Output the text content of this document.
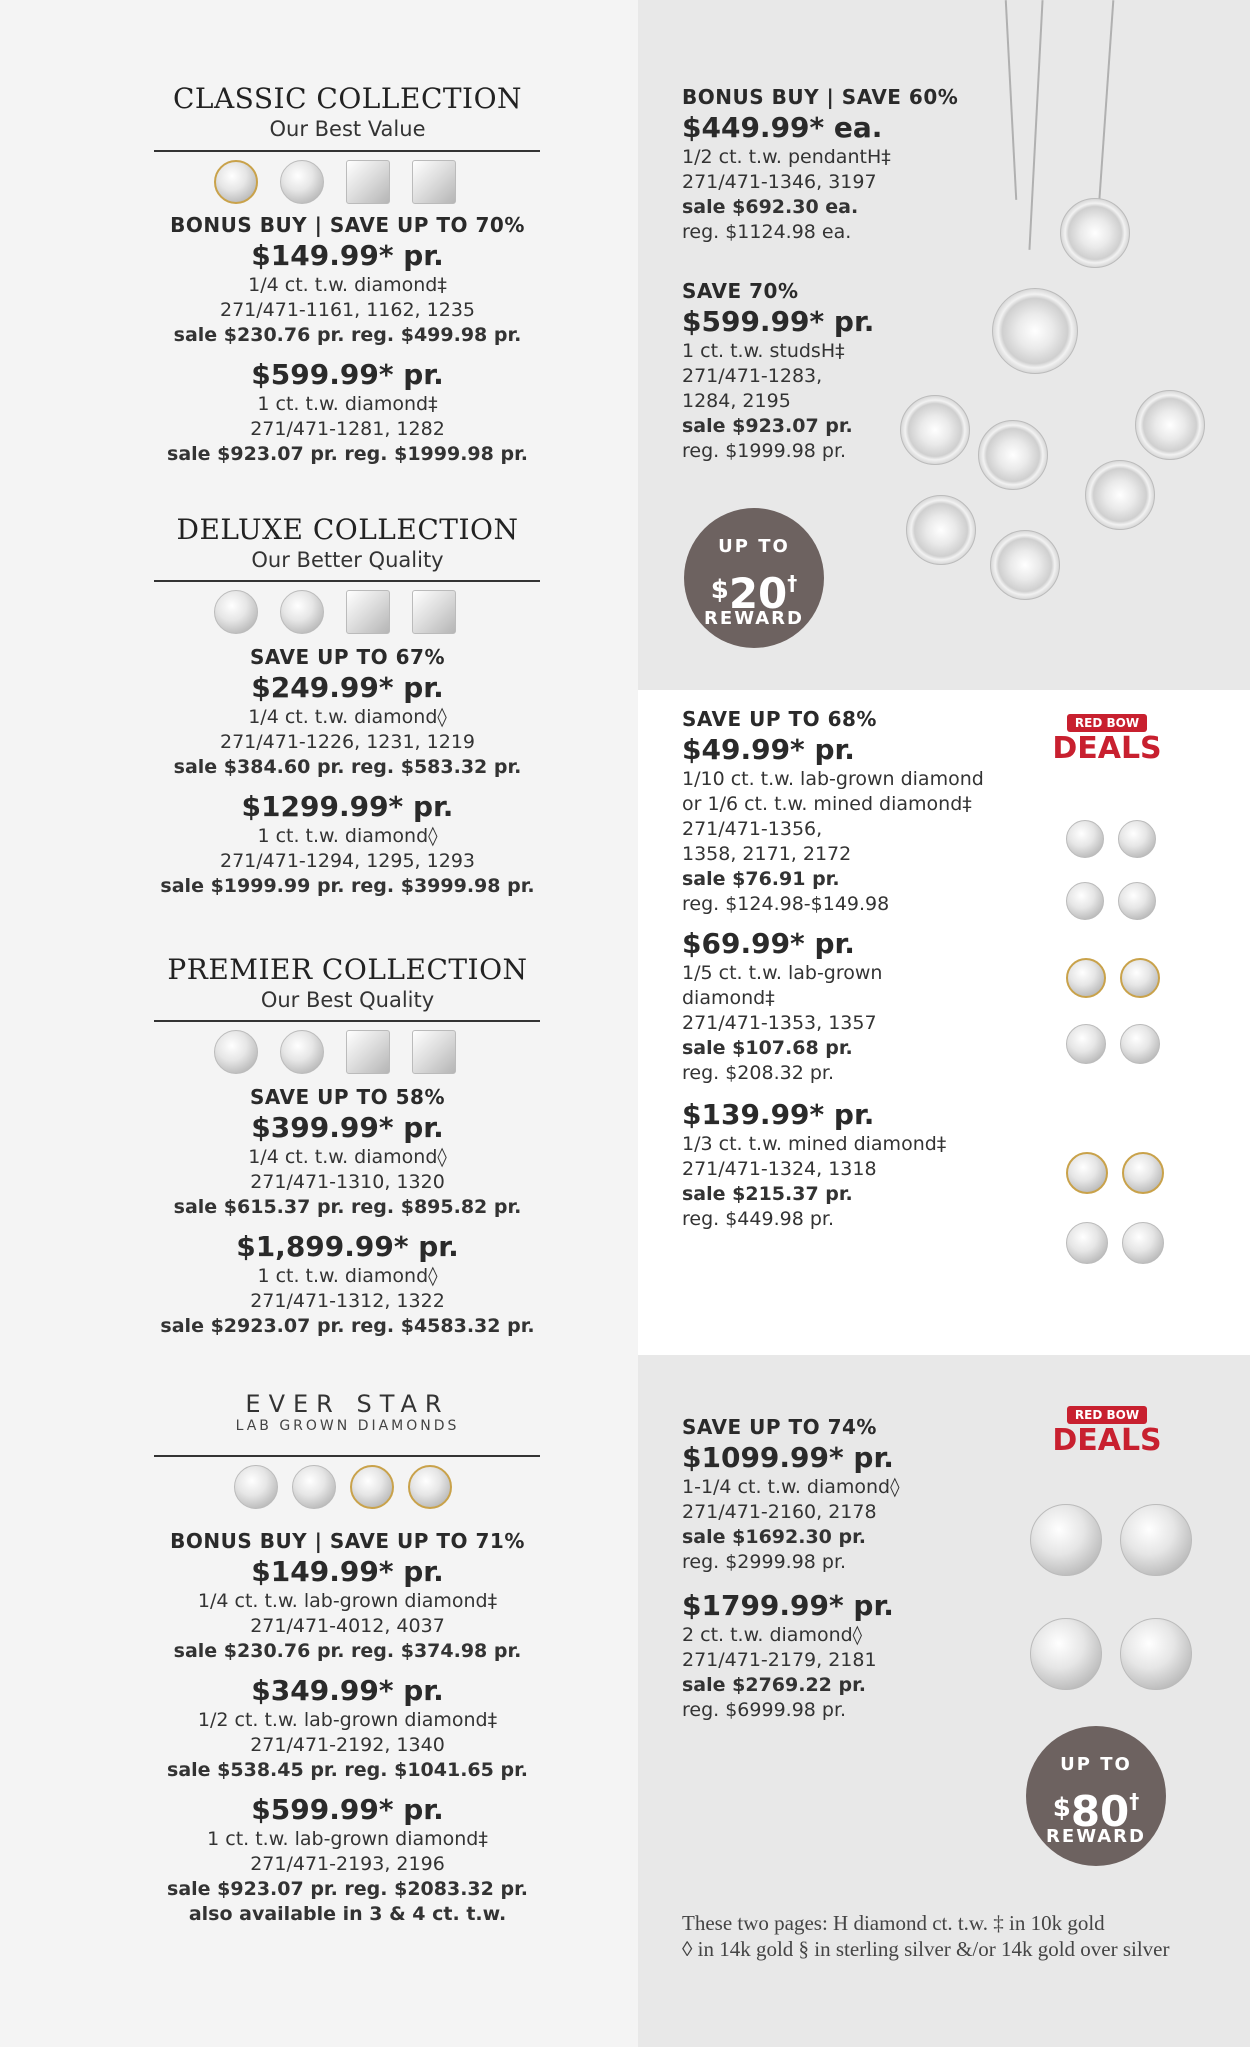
CLASSIC COLLECTION
Our Best Value
BONUS BUY | SAVE UP TO 70%
$149.99* pr.
1/4 ct. t.w. diamond‡
271/471-1161, 1162, 1235
sale $230.76 pr. reg. $499.98 pr.
$599.99* pr.
1 ct. t.w. diamond‡
271/471-1281, 1282
sale $923.07 pr. reg. $1999.98 pr.
DELUXE COLLECTION
Our Better Quality
SAVE UP TO 67%
$249.99* pr.
1/4 ct. t.w. diamond◊
271/471-1226, 1231, 1219
sale $384.60 pr. reg. $583.32 pr.
$1299.99* pr.
1 ct. t.w. diamond◊
271/471-1294, 1295, 1293
sale $1999.99 pr. reg. $3999.98 pr.
PREMIER COLLECTION
Our Best Quality
SAVE UP TO 58%
$399.99* pr.
1/4 ct. t.w. diamond◊
271/471-1310, 1320
sale $615.37 pr. reg. $895.82 pr.
$1,899.99* pr.
1 ct. t.w. diamond◊
271/471-1312, 1322
sale $2923.07 pr. reg. $4583.32 pr.
EVER STAR
LAB GROWN DIAMONDS
BONUS BUY | SAVE UP TO 71%
$149.99* pr.
1/4 ct. t.w. lab-grown diamond‡
271/471-4012, 4037
sale $230.76 pr. reg. $374.98 pr.
$349.99* pr.
1/2 ct. t.w. lab-grown diamond‡
271/471-2192, 1340
sale $538.45 pr. reg. $1041.65 pr.
$599.99* pr.
1 ct. t.w. lab-grown diamond‡
271/471-2193, 2196
sale $923.07 pr. reg. $2083.32 pr.
also available in 3 & 4 ct. t.w.
BONUS BUY | SAVE 60%
$449.99* ea.
1/2 ct. t.w. pendantH‡
271/471-1346, 3197
sale $692.30 ea.
reg. $1124.98 ea.
SAVE 70%
$599.99* pr.
1 ct. t.w. studsH‡
271/471-1283,
1284, 2195
sale $923.07 pr.
reg. $1999.98 pr.
UP TO
$20†
REWARD
RED BOW
DEALS
SAVE UP TO 68%
$49.99* pr.
1/10 ct. t.w. lab-grown diamond
or 1/6 ct. t.w. mined diamond‡
271/471-1356,
1358, 2171, 2172
sale $76.91 pr.
reg. $124.98-$149.98
$69.99* pr.
1/5 ct. t.w. lab-grown
diamond‡
271/471-1353, 1357
sale $107.68 pr.
reg. $208.32 pr.
$139.99* pr.
1/3 ct. t.w. mined diamond‡
271/471-1324, 1318
sale $215.37 pr.
reg. $449.98 pr.
RED BOW
DEALS
SAVE UP TO 74%
$1099.99* pr.
1-1/4 ct. t.w. diamond◊
271/471-2160, 2178
sale $1692.30 pr.
reg. $2999.98 pr.
$1799.99* pr.
2 ct. t.w. diamond◊
271/471-2179, 2181
sale $2769.22 pr.
reg. $6999.98 pr.
UP TO
$80†
REWARD
These two pages: H diamond ct. t.w. ‡ in 10k gold
◊ in 14k gold § in sterling silver &/or 14k gold over silver
